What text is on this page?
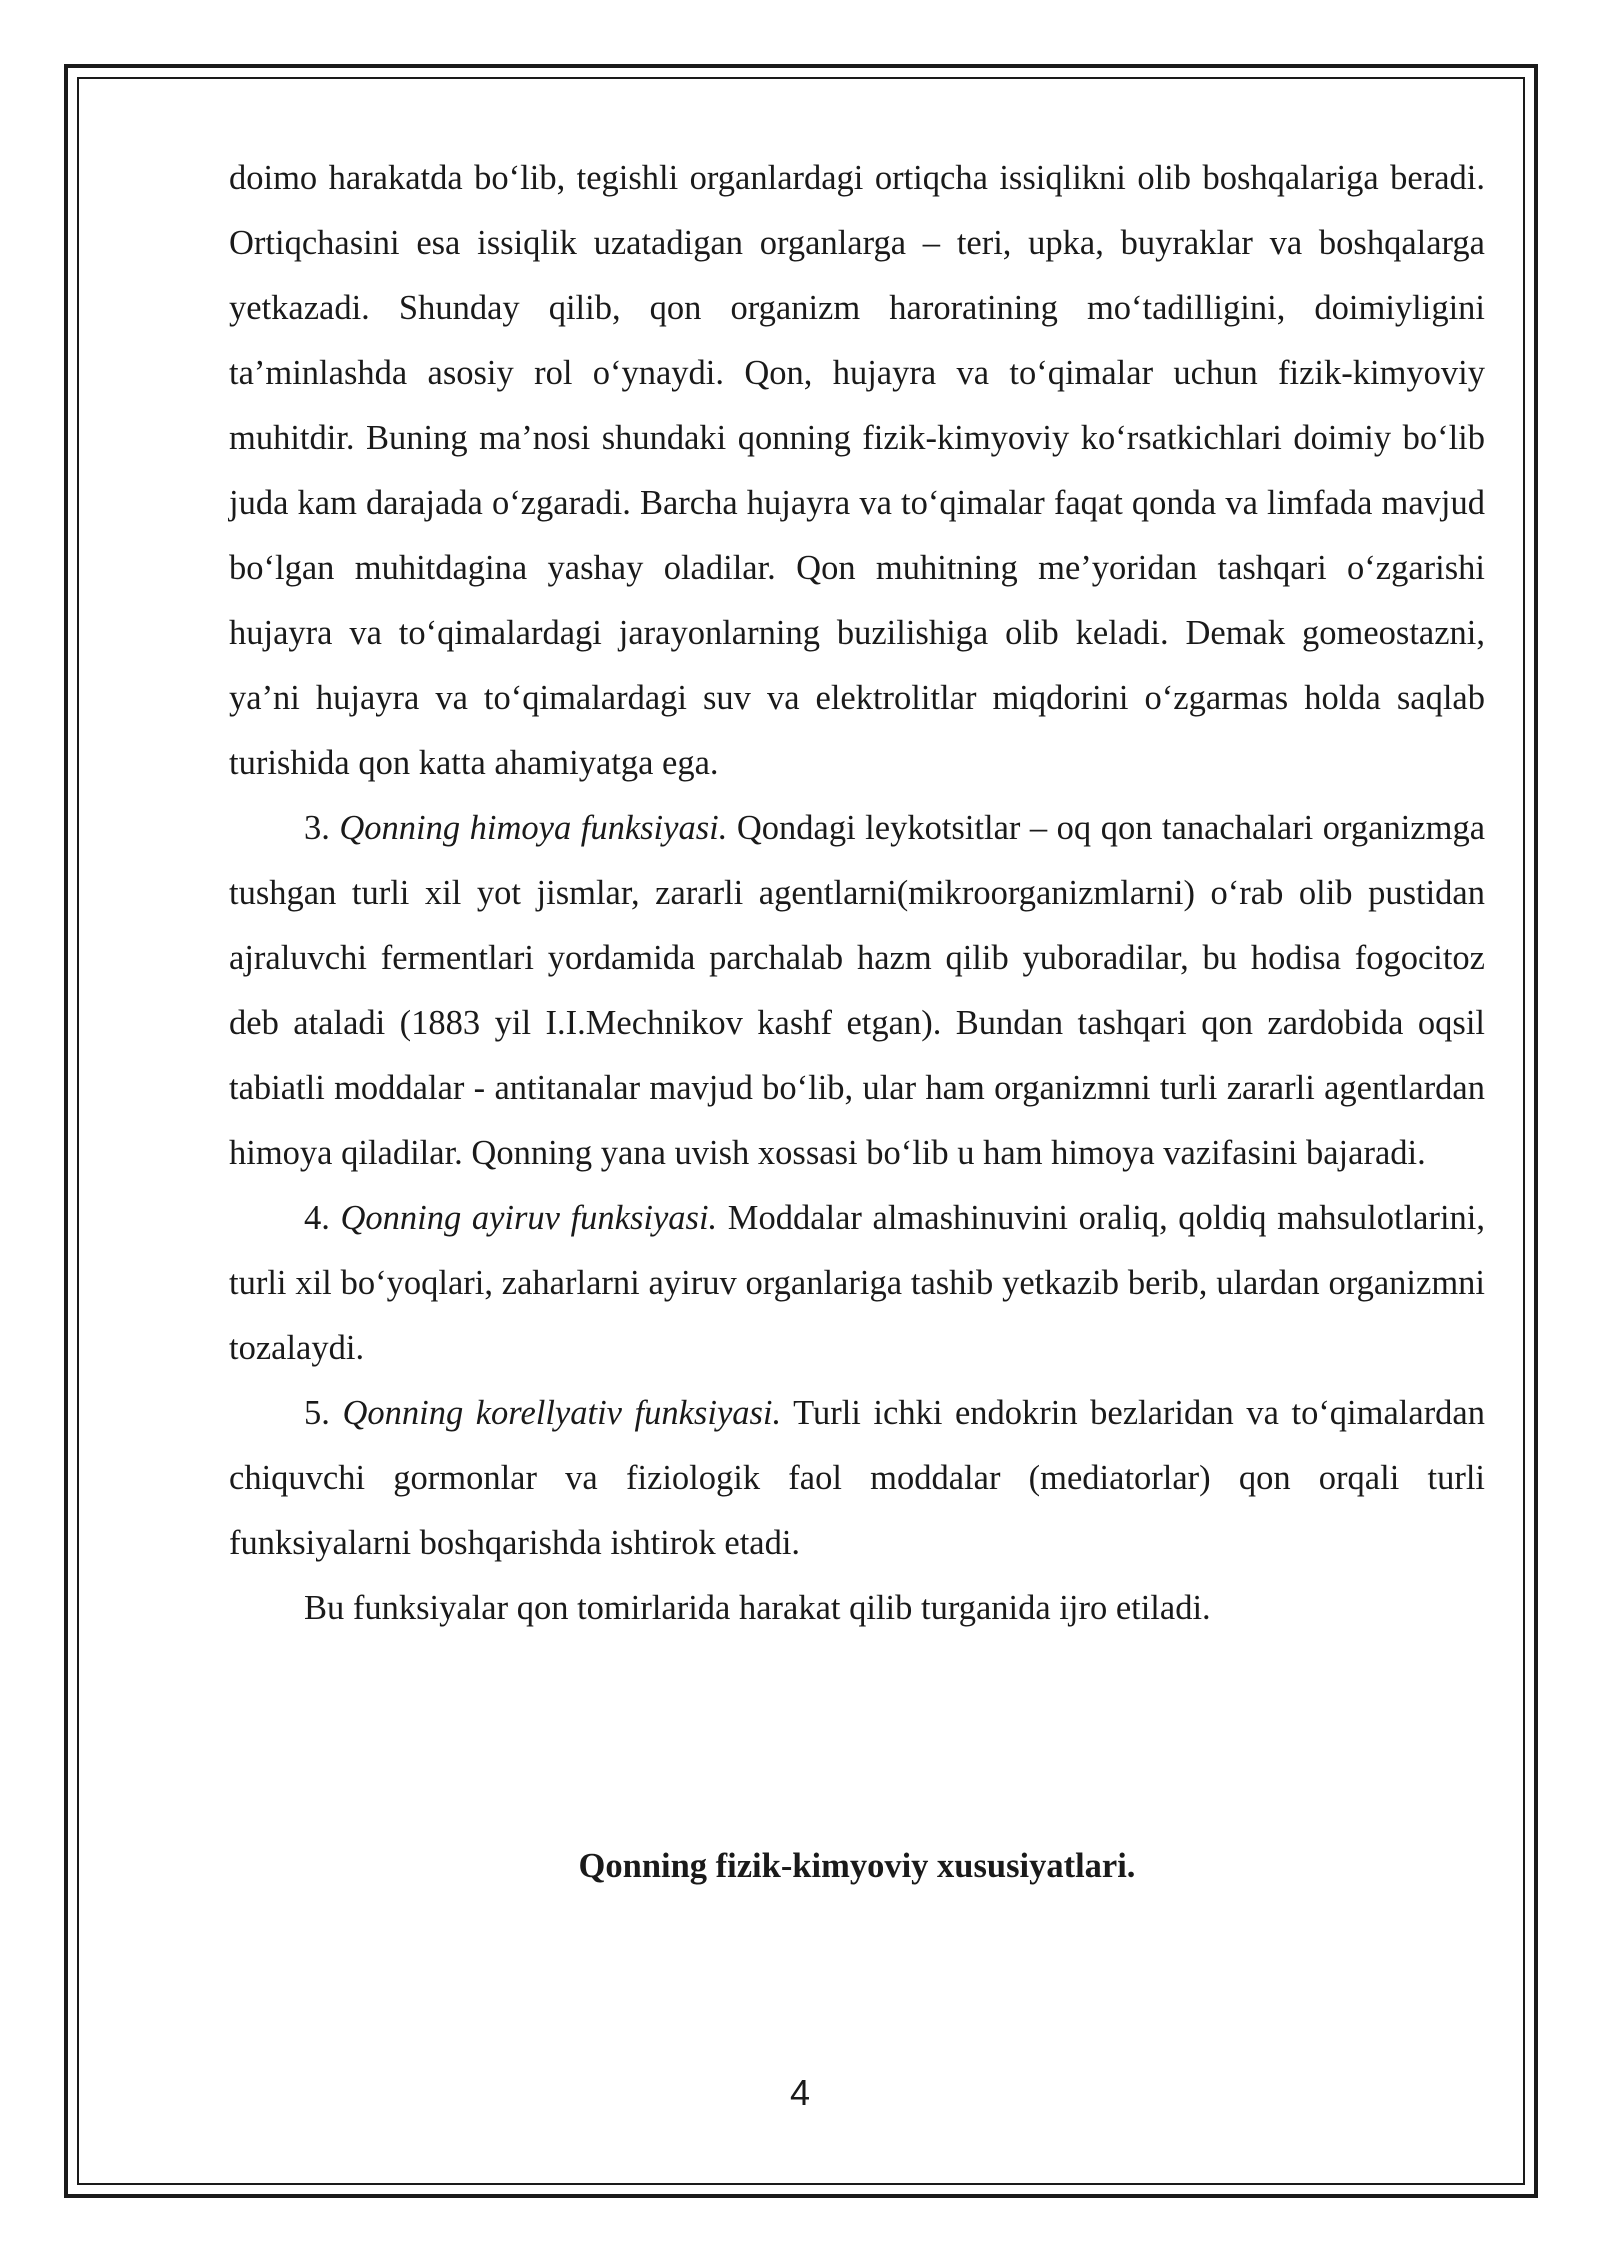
doimo harakatda bo‘lib, tegishli organlardagi ortiqcha issiqlikni olib boshqalariga beradi. Ortiqchasini esa issiqlik uzatadigan organlarga – teri, upka, buyraklar va boshqalarga yetkazadi. Shunday qilib, qon organizm haroratining mo‘tadilligini, doimiyligini ta’minlashda asosiy rol o‘ynaydi. Qon, hujayra va to‘qimalar uchun fizik-kimyoviy muhitdir. Buning ma’nosi shundaki qonning fizik-kimyoviy ko‘rsatkichlari doimiy bo‘lib juda kam darajada o‘zgaradi. Barcha hujayra va to‘qimalar faqat qonda va limfada mavjud bo‘lgan muhitdagina yashay oladilar. Qon muhitning me’yoridan tashqari o‘zgarishi hujayra va to‘qimalardagi jarayonlarning buzilishiga olib keladi. Demak gomeostazni, ya’ni hujayra va to‘qimalardagi suv va elektrolitlar miqdorini o‘zgarmas holda saqlab turishida qon katta ahamiyatga ega.

3. Qonning himoya funksiyasi. Qondagi leykotsitlar – oq qon tanachalari organizmga tushgan turli xil yot jismlar, zararli agentlarni(mikroorganizmlarni) o‘rab olib pustidan ajraluvchi fermentlari yordamida parchalab hazm qilib yuboradilar, bu hodisa fogocitoz deb ataladi (1883 yil I.I.Mechnikov kashf etgan). Bundan tashqari qon zardobida oqsil tabiatli moddalar - antitanalar mavjud bo‘lib, ular ham organizmni turli zararli agentlardan himoya qiladilar. Qonning yana uvish xossasi bo‘lib u ham himoya vazifasini bajaradi.

4. Qonning ayiruv funksiyasi. Moddalar almashinuvini oraliq, qoldiq mahsulotlarini, turli xil bo‘yoqlari, zaharlarni ayiruv organlariga tashib yetkazib berib, ulardan organizmni tozalaydi.

5. Qonning korellyativ funksiyasi. Turli ichki endokrin bezlaridan va to‘qimalardan chiquvchi gormonlar va fiziologik faol moddalar (mediatorlar) qon orqali turli funksiyalarni boshqarishda ishtirok etadi.

Bu funksiyalar qon tomirlarida harakat qilib turganida ijro etiladi.

Qonning fizik-kimyoviy xususiyatlari.
4
